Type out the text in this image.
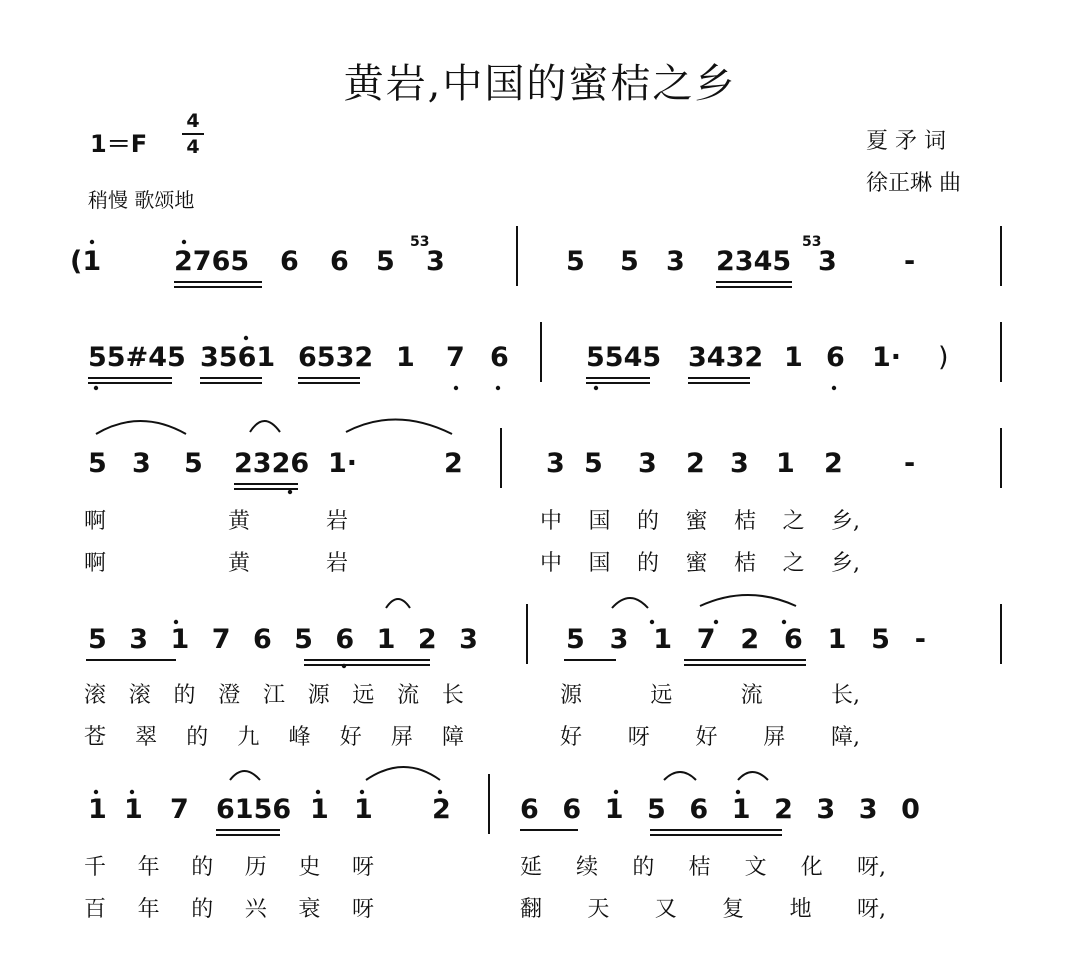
黄岩,中国的蜜桔之乡
1＝F
4
4
稍慢 歌颂地
夏 矛 词
徐正琳 曲
(1	2765 6 6 5
53
3	5 5 3 2345
53
3 -
55#45 3561 6532 1 7 6	5545 3432 1 6 1· )
5 3 5 2326 1·	2	3 5 3 2 3 1 2 -
啊	黄	岩	中 国 的 蜜 桔 之 乡,
啊	黄	岩	中 国 的 蜜 桔 之 乡,
5 3 1 7 6 5 6 1 2 3	5 3 1 7 2 6 1 5 -
滚 滚 的 澄 江 源 远 流 长	源	远	流	长,
苍 翠 的 九 峰 好 屏 障	好 呀 好 屏 障,
1 1 7 6156 1 1 2	6 6 1 5 6 1 2 3 3 0
千 年 的 历 史 呀	延 续 的 桔 文 化 呀,
百 年 的 兴 衰 呀	翻 天 又 复 地 呀,
